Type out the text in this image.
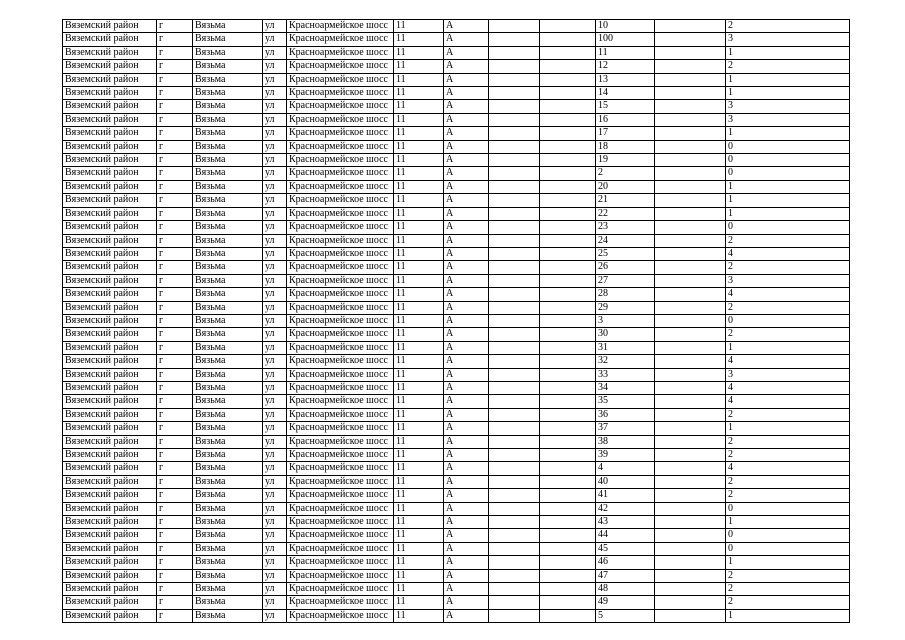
Вяземский район	г	Вязьма	ул	Красноармейское шосс	11	А			10		2
Вяземский район	г	Вязьма	ул	Красноармейское шосс	11	А			100		3
Вяземский район	г	Вязьма	ул	Красноармейское шосс	11	А			11		1
Вяземский район	г	Вязьма	ул	Красноармейское шосс	11	А			12		2
Вяземский район	г	Вязьма	ул	Красноармейское шосс	11	А			13		1
Вяземский район	г	Вязьма	ул	Красноармейское шосс	11	А			14		1
Вяземский район	г	Вязьма	ул	Красноармейское шосс	11	А			15		3
Вяземский район	г	Вязьма	ул	Красноармейское шосс	11	А			16		3
Вяземский район	г	Вязьма	ул	Красноармейское шосс	11	А			17		1
Вяземский район	г	Вязьма	ул	Красноармейское шосс	11	А			18		0
Вяземский район	г	Вязьма	ул	Красноармейское шосс	11	А			19		0
Вяземский район	г	Вязьма	ул	Красноармейское шосс	11	А			2		0
Вяземский район	г	Вязьма	ул	Красноармейское шосс	11	А			20		1
Вяземский район	г	Вязьма	ул	Красноармейское шосс	11	А			21		1
Вяземский район	г	Вязьма	ул	Красноармейское шосс	11	А			22		1
Вяземский район	г	Вязьма	ул	Красноармейское шосс	11	А			23		0
Вяземский район	г	Вязьма	ул	Красноармейское шосс	11	А			24		2
Вяземский район	г	Вязьма	ул	Красноармейское шосс	11	А			25		4
Вяземский район	г	Вязьма	ул	Красноармейское шосс	11	А			26		2
Вяземский район	г	Вязьма	ул	Красноармейское шосс	11	А			27		3
Вяземский район	г	Вязьма	ул	Красноармейское шосс	11	А			28		4
Вяземский район	г	Вязьма	ул	Красноармейское шосс	11	А			29		2
Вяземский район	г	Вязьма	ул	Красноармейское шосс	11	А			3		0
Вяземский район	г	Вязьма	ул	Красноармейское шосс	11	А			30		2
Вяземский район	г	Вязьма	ул	Красноармейское шосс	11	А			31		1
Вяземский район	г	Вязьма	ул	Красноармейское шосс	11	А			32		4
Вяземский район	г	Вязьма	ул	Красноармейское шосс	11	А			33		3
Вяземский район	г	Вязьма	ул	Красноармейское шосс	11	А			34		4
Вяземский район	г	Вязьма	ул	Красноармейское шосс	11	А			35		4
Вяземский район	г	Вязьма	ул	Красноармейское шосс	11	А			36		2
Вяземский район	г	Вязьма	ул	Красноармейское шосс	11	А			37		1
Вяземский район	г	Вязьма	ул	Красноармейское шосс	11	А			38		2
Вяземский район	г	Вязьма	ул	Красноармейское шосс	11	А			39		2
Вяземский район	г	Вязьма	ул	Красноармейское шосс	11	А			4		4
Вяземский район	г	Вязьма	ул	Красноармейское шосс	11	А			40		2
Вяземский район	г	Вязьма	ул	Красноармейское шосс	11	А			41		2
Вяземский район	г	Вязьма	ул	Красноармейское шосс	11	А			42		0
Вяземский район	г	Вязьма	ул	Красноармейское шосс	11	А			43		1
Вяземский район	г	Вязьма	ул	Красноармейское шосс	11	А			44		0
Вяземский район	г	Вязьма	ул	Красноармейское шосс	11	А			45		0
Вяземский район	г	Вязьма	ул	Красноармейское шосс	11	А			46		1
Вяземский район	г	Вязьма	ул	Красноармейское шосс	11	А			47		2
Вяземский район	г	Вязьма	ул	Красноармейское шосс	11	А			48		2
Вяземский район	г	Вязьма	ул	Красноармейское шосс	11	А			49		2
Вяземский район	г	Вязьма	ул	Красноармейское шосс	11	А			5		1
